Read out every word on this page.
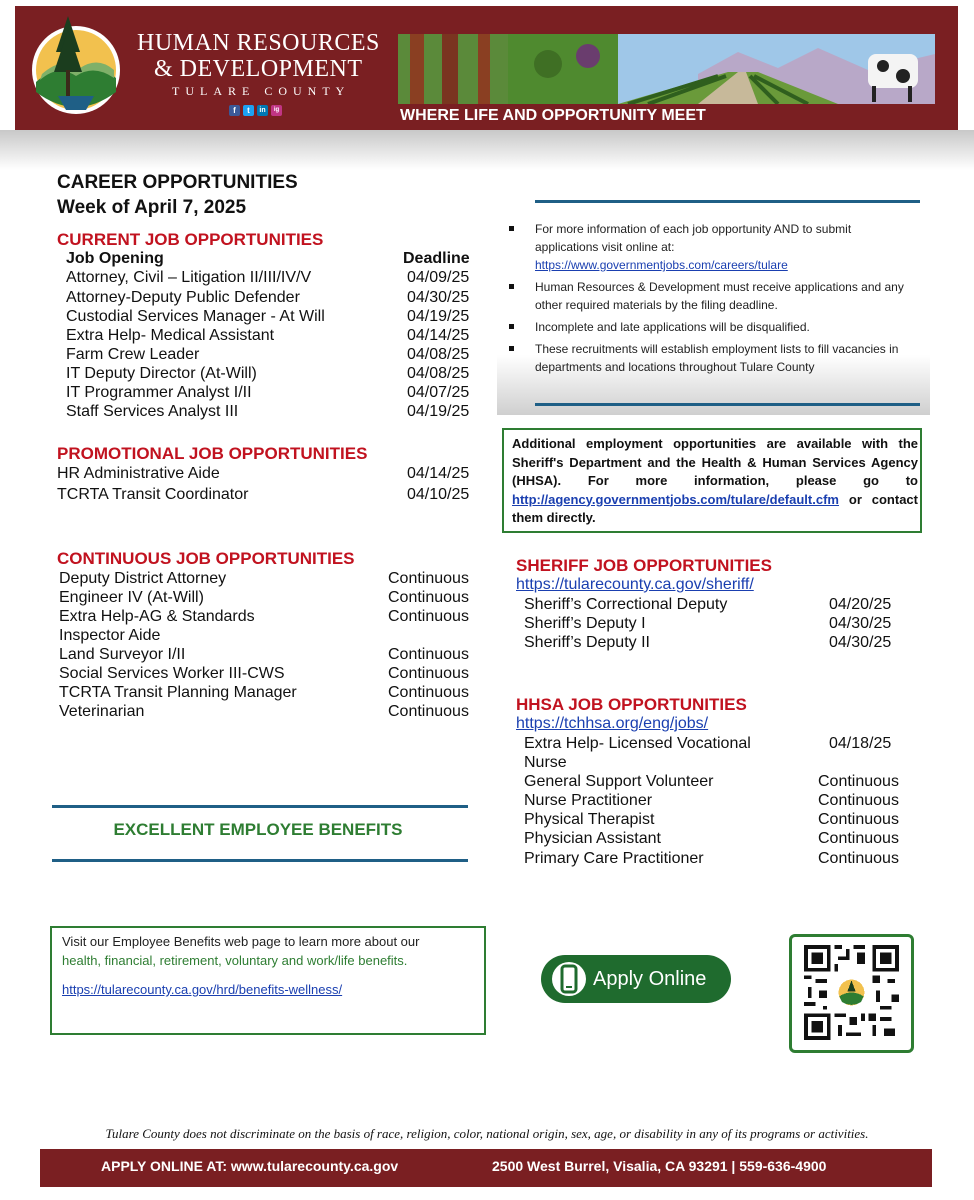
HUMAN RESOURCES
& DEVELOPMENT
TULARE COUNTY
f	t	in	ig	WHERE LIFE AND OPPORTUNITY MEET
CAREER OPPORTUNITIES
Week of April 7, 2025
CURRENT JOB OPPORTUNITIES
Job Opening	Deadline
Attorney, Civil – Litigation II/III/IV/V	04/09/25
Attorney-Deputy Public Defender	04/30/25
Custodial Services Manager - At Will	04/19/25
Extra Help- Medical Assistant	04/14/25
Farm Crew Leader	04/08/25
IT Deputy Director (At-Will)	04/08/25
IT Programmer Analyst I/II	04/07/25
Staff Services Analyst III	04/19/25
PROMOTIONAL JOB OPPORTUNITIES
HR Administrative Aide	04/14/25
TCRTA Transit Coordinator	04/10/25
CONTINUOUS JOB OPPORTUNITIES
Deputy District Attorney	Continuous
Engineer IV (At-Will)	Continuous
Extra Help-AG & Standards	Continuous
Inspector Aide
Land Surveyor I/II	Continuous
Social Services Worker III-CWS	Continuous
TCRTA Transit Planning Manager	Continuous
Veterinarian	Continuous
For more information of each job opportunity AND to submit applications visit online at:
https://www.governmentjobs.com/careers/tulare
Human Resources & Development must receive applications and any other required materials by the filing deadline.
Incomplete and late applications will be disqualified.
These recruitments will establish employment lists to fill vacancies in departments and locations throughout Tulare County
Additional employment opportunities are available with the Sheriff's Department and the Health & Human Services Agency (HHSA). For more information, please go to http://agency.governmentjobs.com/tulare/default.cfm or contact them directly.
SHERIFF JOB OPPORTUNITIES
https://tularecounty.ca.gov/sheriff/
Sheriff’s Correctional Deputy	04/20/25
Sheriff’s Deputy I	04/30/25
Sheriff’s Deputy II	04/30/25
HHSA JOB OPPORTUNITIES
https://tchhsa.org/eng/jobs/
Extra Help- Licensed Vocational	04/18/25
Nurse
General Support Volunteer	Continuous
Nurse Practitioner	Continuous
Physical Therapist	Continuous
Physician Assistant	Continuous
Primary Care Practitioner	Continuous
EXCELLENT EMPLOYEE BENEFITS
Visit our Employee Benefits web page to learn more about our
health, financial, retirement, voluntary and work/life benefits.
https://tularecounty.ca.gov/hrd/benefits-wellness/	Apply Online
Tulare County does not discriminate on the basis of race, religion, color, national origin, sex, age, or disability in any of its programs or activities.
APPLY ONLINE AT: www.tularecounty.ca.gov	2500 West Burrel, Visalia, CA 93291 | 559-636-4900
